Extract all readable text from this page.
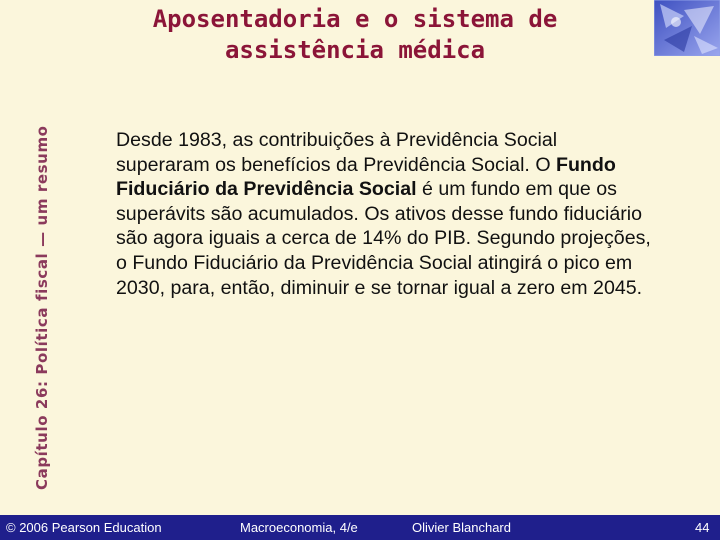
Capítulo 26: Política fiscal — um resumo
Aposentadoria e o sistema de
assistência médica
Desde 1983, as contribuições à Previdência Social superaram os benefícios da Previdência Social. O Fundo Fiduciário da Previdência Social é um fundo em que os superávits são acumulados. Os ativos desse fundo fiduciário são agora iguais a cerca de 14% do PIB. Segundo projeções, o Fundo Fiduciário da Previdência Social atingirá o pico em 2030, para, então, diminuir e se tornar igual a zero em 2045.
© 2006 Pearson Education	Macroeconomia, 4/e	Olivier Blanchard	44
